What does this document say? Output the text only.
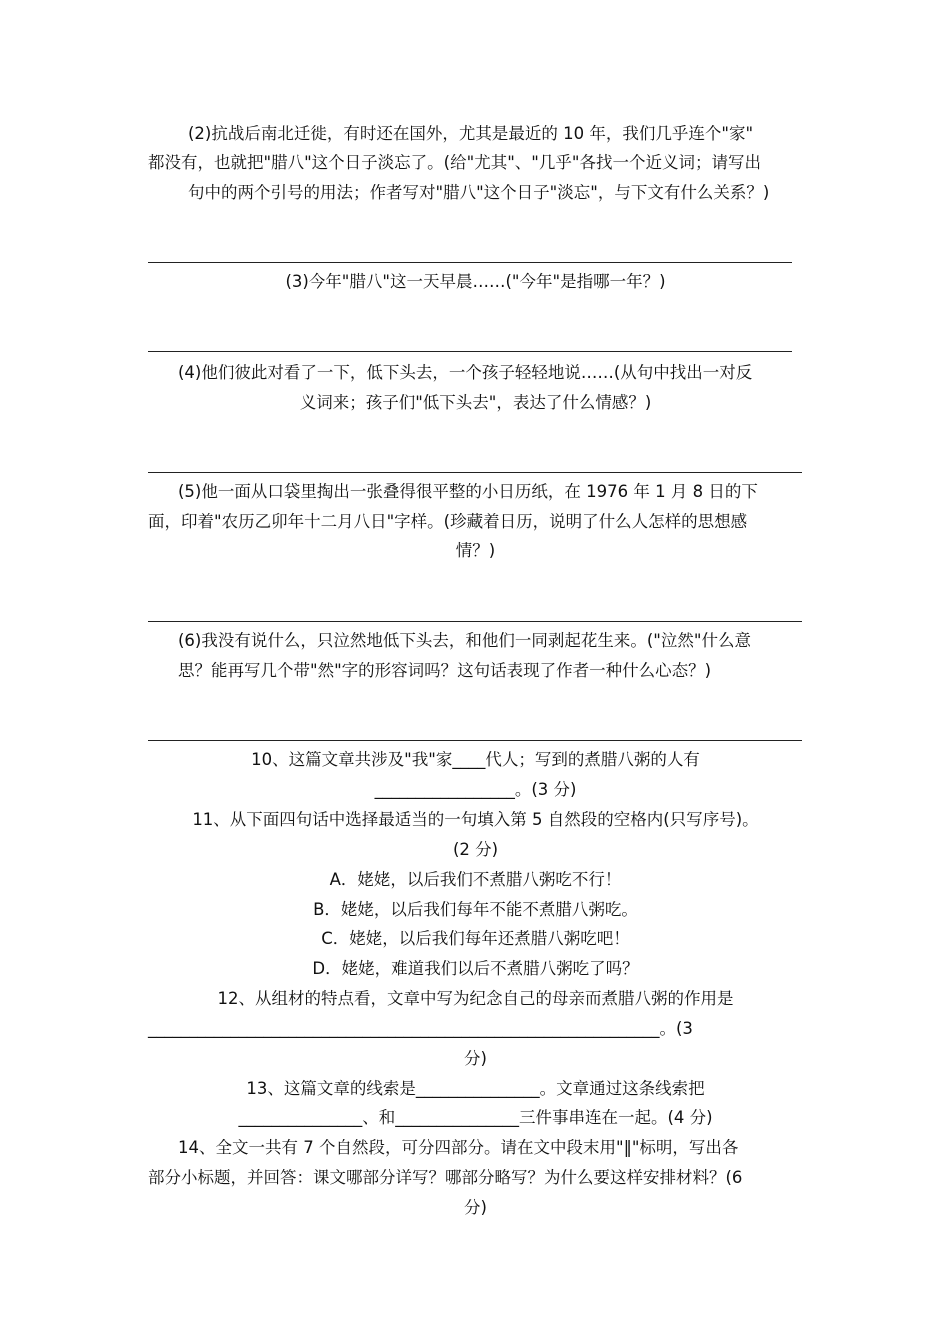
(2)抗战后南北迁徙，有时还在国外，尤其是最近的 10 年，我们几乎连个"家"
都没有，也就把"腊八"这个日子淡忘了。(给"尤其"、"几乎"各找一个近义词；请写出
句中的两个引号的用法；作者写对"腊八"这个日子"淡忘"，与下文有什么关系？)
(3)今年"腊八"这一天早晨……("今年"是指哪一年？)
(4)他们彼此对看了一下，低下头去，一个孩子轻轻地说……(从句中找出一对反
义词来；孩子们"低下头去"，表达了什么情感？)
(5)他一面从口袋里掏出一张叠得很平整的小日历纸，在 1976 年 1 月 8 日的下
面，印着"农历乙卯年十二月八日"字样。(珍藏着日历，说明了什么人怎样的思想感
情？)
(6)我没有说什么，只泣然地低下头去，和他们一同剥起花生来。("泣然"什么意
思？能再写几个带"然"字的形容词吗？这句话表现了作者一种什么心态？)
10、这篇文章共涉及"我"家____代人；写到的煮腊八粥的人有
_________________。(3 分)
11、从下面四句话中选择最适当的一句填入第 5 自然段的空格内(只写序号)。
(2 分)
A．姥姥，以后我们不煮腊八粥吃不行！
B．姥姥，以后我们每年不能不煮腊八粥吃。
C．姥姥，以后我们每年还煮腊八粥吃吧！
D．姥姥，难道我们以后不煮腊八粥吃了吗？
12、从组材的特点看，文章中写为纪念自己的母亲而煮腊八粥的作用是
______________________________________________________________。(3
分)
13、这篇文章的线索是_______________。文章通过这条线索把
_______________、和_______________三件事串连在一起。(4 分)
14、全文一共有 7 个自然段，可分四部分。请在文中段末用"‖"标明，写出各
部分小标题，并回答：课文哪部分详写？哪部分略写？为什么要这样安排材料？(6
分)
